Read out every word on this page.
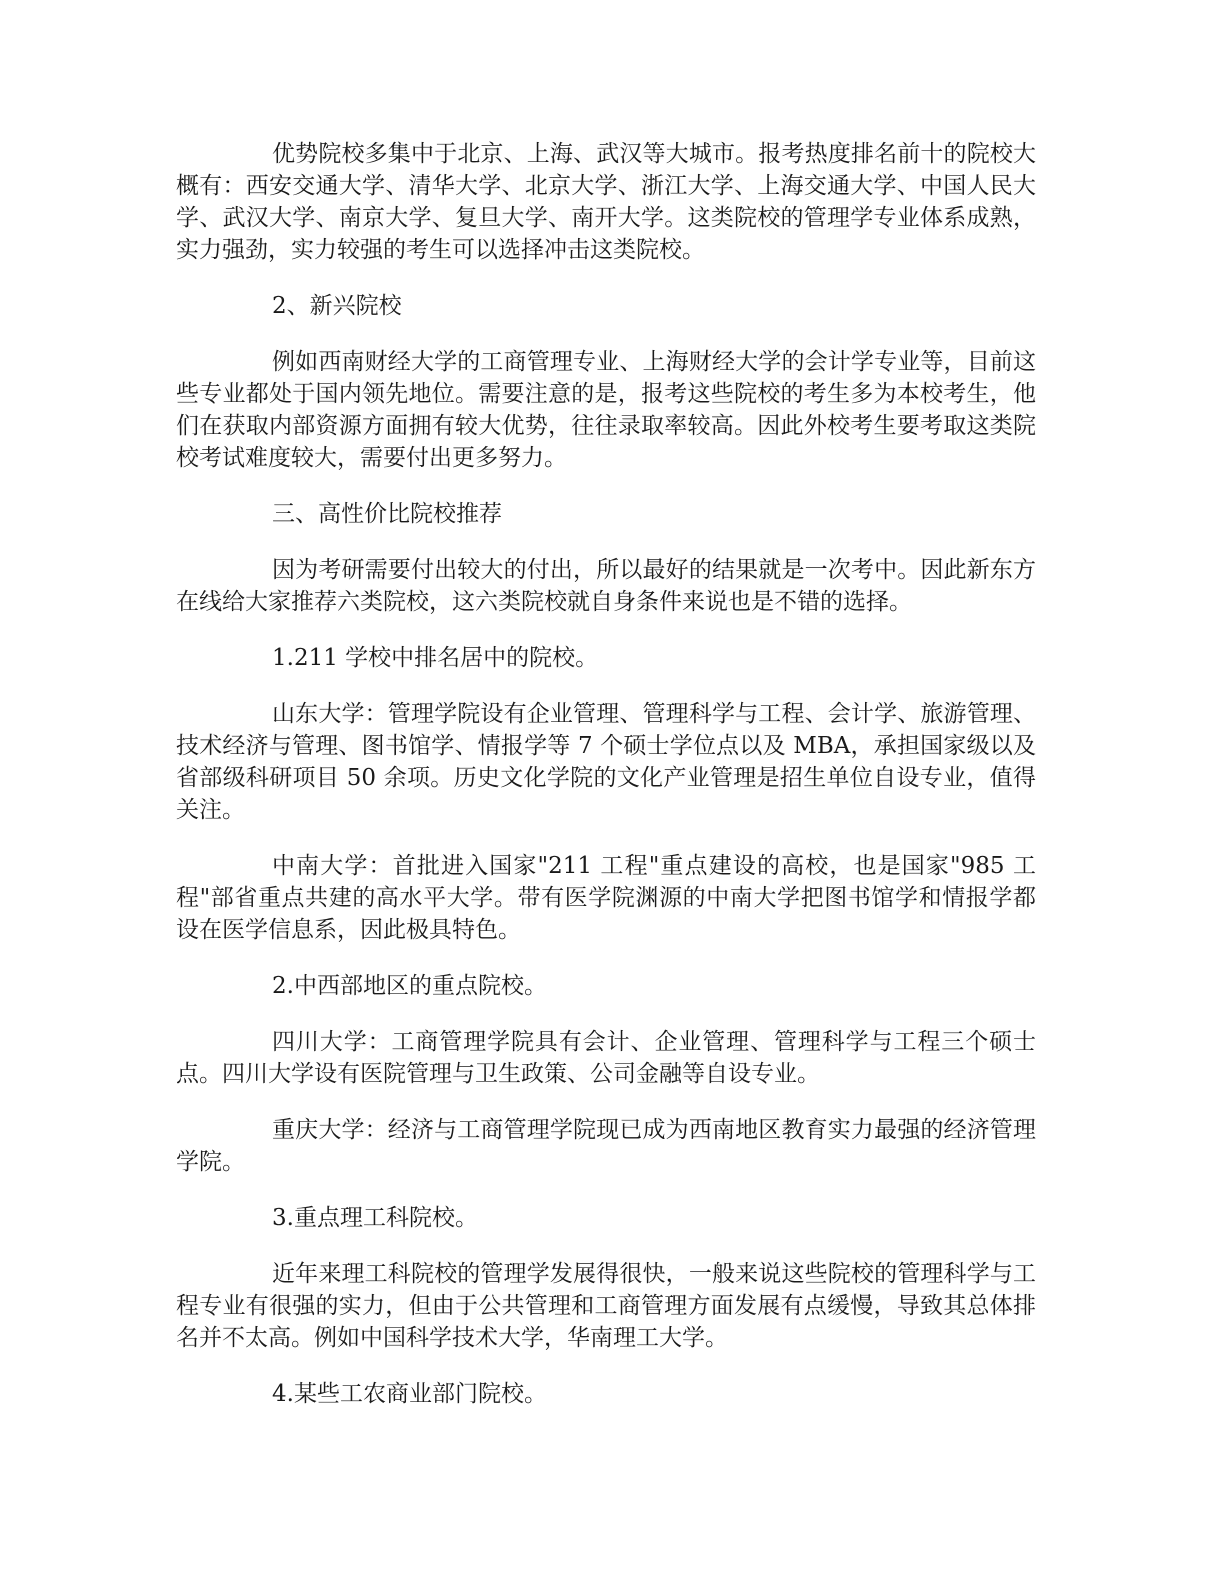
优势院校多集中于北京、上海、武汉等大城市。报考热度排名前十的院校大概有：西安交通大学、清华大学、北京大学、浙江大学、上海交通大学、中国人民大学、武汉大学、南京大学、复旦大学、南开大学。这类院校的管理学专业体系成熟，实力强劲，实力较强的考生可以选择冲击这类院校。

2、新兴院校

例如西南财经大学的工商管理专业、上海财经大学的会计学专业等，目前这些专业都处于国内领先地位。需要注意的是，报考这些院校的考生多为本校考生，他们在获取内部资源方面拥有较大优势，往往录取率较高。因此外校考生要考取这类院校考试难度较大，需要付出更多努力。

三、高性价比院校推荐

因为考研需要付出较大的付出，所以最好的结果就是一次考中。因此新东方在线给大家推荐六类院校，这六类院校就自身条件来说也是不错的选择。

1.211 学校中排名居中的院校。

山东大学：管理学院设有企业管理、管理科学与工程、会计学、旅游管理、技术经济与管理、图书馆学、情报学等 7 个硕士学位点以及 MBA，承担国家级以及省部级科研项目 50 余项。历史文化学院的文化产业管理是招生单位自设专业，值得关注。

中南大学：首批进入国家"211 工程"重点建设的高校，也是国家"985 工程"部省重点共建的高水平大学。带有医学院渊源的中南大学把图书馆学和情报学都设在医学信息系，因此极具特色。

2.中西部地区的重点院校。

四川大学：工商管理学院具有会计、企业管理、管理科学与工程三个硕士点。四川大学设有医院管理与卫生政策、公司金融等自设专业。

重庆大学：经济与工商管理学院现已成为西南地区教育实力最强的经济管理学院。

3.重点理工科院校。

近年来理工科院校的管理学发展得很快，一般来说这些院校的管理科学与工程专业有很强的实力，但由于公共管理和工商管理方面发展有点缓慢，导致其总体排名并不太高。例如中国科学技术大学，华南理工大学。

4.某些工农商业部门院校。
